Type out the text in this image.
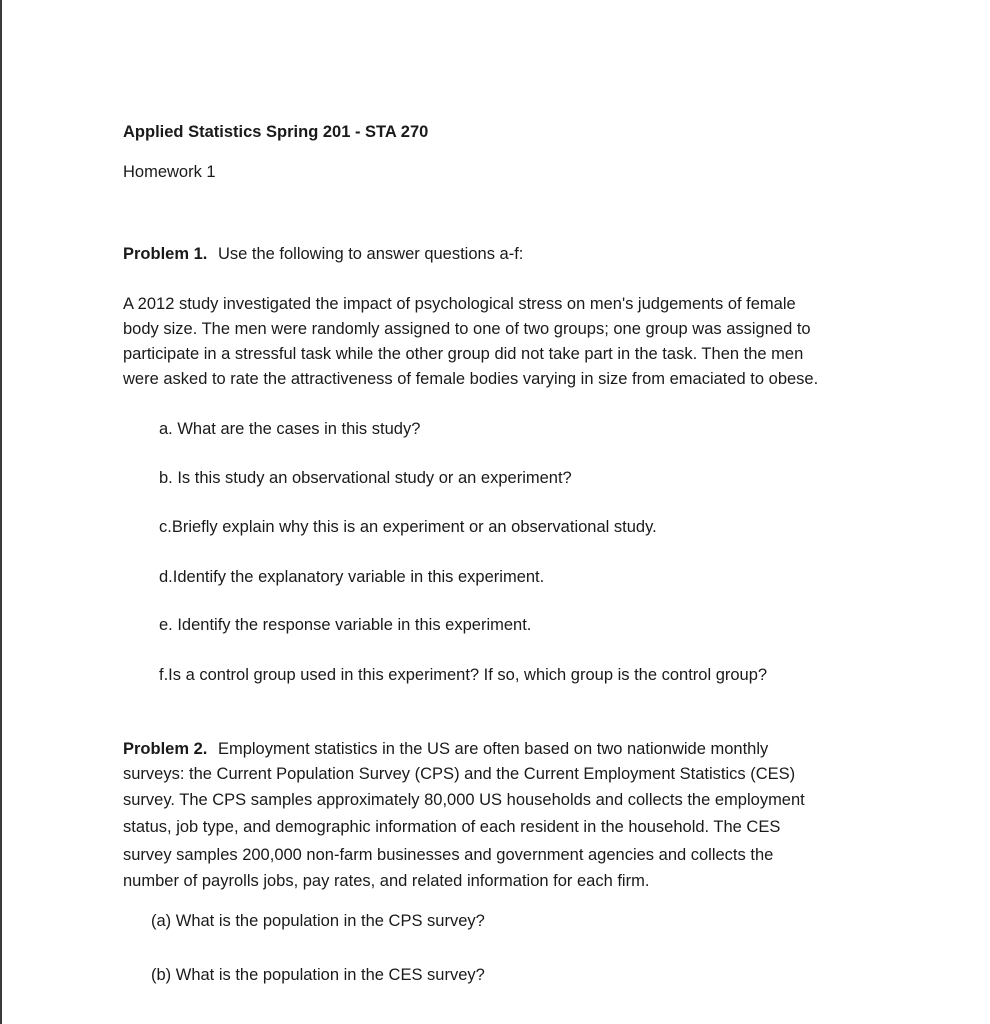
Applied Statistics Spring 201 - STA 270
Homework 1
Problem 1. Use the following to answer questions a-f:
A 2012 study investigated the impact of psychological stress on men's judgements of female
body size. The men were randomly assigned to one of two groups; one group was assigned to
participate in a stressful task while the other group did not take part in the task. Then the men
were asked to rate the attractiveness of female bodies varying in size from emaciated to obese.
a. What are the cases in this study?
b. Is this study an observational study or an experiment?
c.Briefly explain why this is an experiment or an observational study.
d.Identify the explanatory variable in this experiment.
e. Identify the response variable in this experiment.
f.Is a control group used in this experiment? If so, which group is the control group?
Problem 2. Employment statistics in the US are often based on two nationwide monthly
surveys: the Current Population Survey (CPS) and the Current Employment Statistics (CES)
survey. The CPS samples approximately 80,000 US households and collects the employment
status, job type, and demographic information of each resident in the household. The CES
survey samples 200,000 non-farm businesses and government agencies and collects the
number of payrolls jobs, pay rates, and related information for each firm.
(a) What is the population in the CPS survey?
(b) What is the population in the CES survey?
